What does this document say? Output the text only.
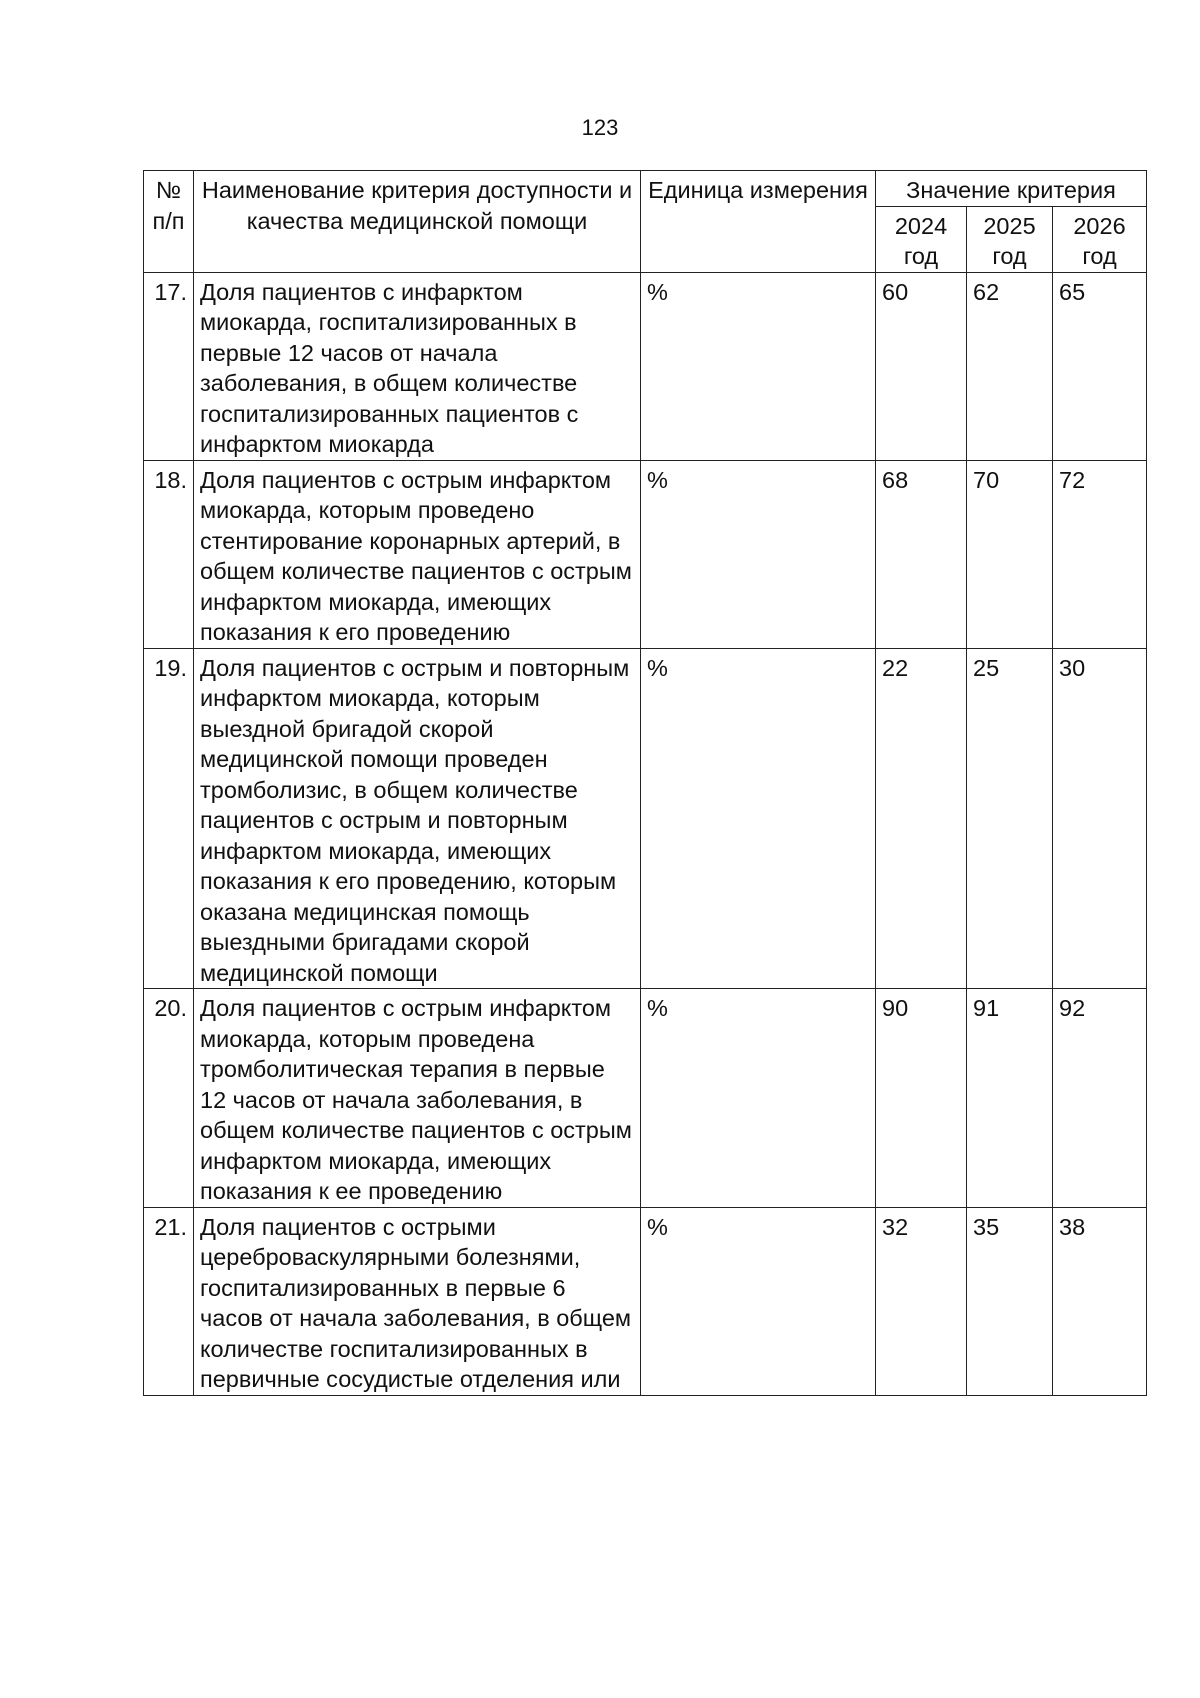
123
№ п/п	Наименование критерия доступности и качества медицинской помощи	Единица измерения	Значение критерия		
			2024 год	2025 год	2026 год
17.	Доля пациентов с инфарктом миокарда, госпитализированных в первые 12 часов от начала заболевания, в общем количестве госпитализированных пациентов с инфарктом миокарда	%	60	62	65
18.	Доля пациентов с острым инфарктом миокарда, которым проведено стентирование коронарных артерий, в общем количестве пациентов с острым инфарктом миокарда, имеющих показания к его проведению	%	68	70	72
19.	Доля пациентов с острым и повторным инфарктом миокарда, которым выездной бригадой скорой медицинской помощи проведен тромболизис, в общем количестве пациентов с острым и повторным инфарктом миокарда, имеющих показания к его проведению, которым оказана медицинская помощь выездными бригадами скорой медицинской помощи	%	22	25	30
20.	Доля пациентов с острым инфарктом миокарда, которым проведена тромболитическая терапия в первые 12 часов от начала заболевания, в общем количестве пациентов с острым инфарктом миокарда, имеющих показания к ее проведению	%	90	91	92
21.	Доля пациентов с острыми цереброваскулярными болезнями, госпитализированных в первые 6 часов от начала заболевания, в общем количестве госпитализированных в первичные сосудистые отделения или	%	32	35	38
